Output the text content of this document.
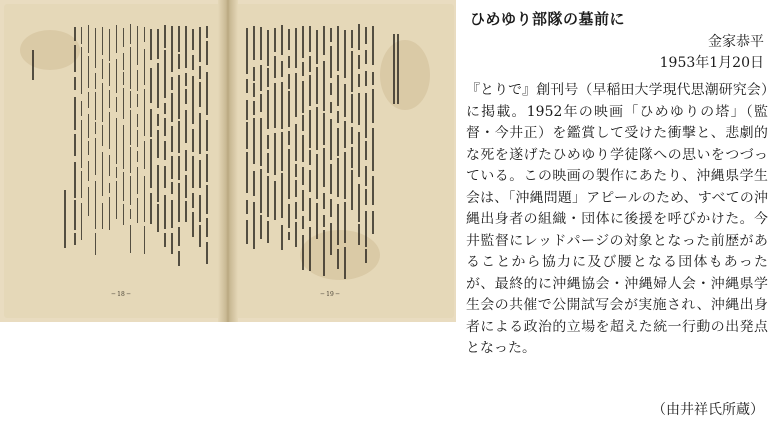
─ 18 ─	─ 19 ─
ひめゆり部隊の墓前に
金家恭平
1953年1月20日
『とりで』創刊号（早稲田大学現代思潮研究会）に掲載。1952年の映画「ひめゆりの塔」（監督・今井正）を鑑賞して受けた衝撃と、悲劇的な死を遂げたひめゆり学徒隊への思いをつづっている。この映画の製作にあたり、沖縄県学生会は、「沖縄問題」アピールのため、すべての沖縄出身者の組織・団体に後援を呼びかけた。今井監督にレッドパージの対象となった前歴があることから協力に及び腰となる団体もあったが、最終的に沖縄協会・沖縄婦人会・沖縄県学生会の共催で公開試写会が実施され、沖縄出身者による政治的立場を超えた統一行動の出発点となった。
（由井祥氏所蔵）
